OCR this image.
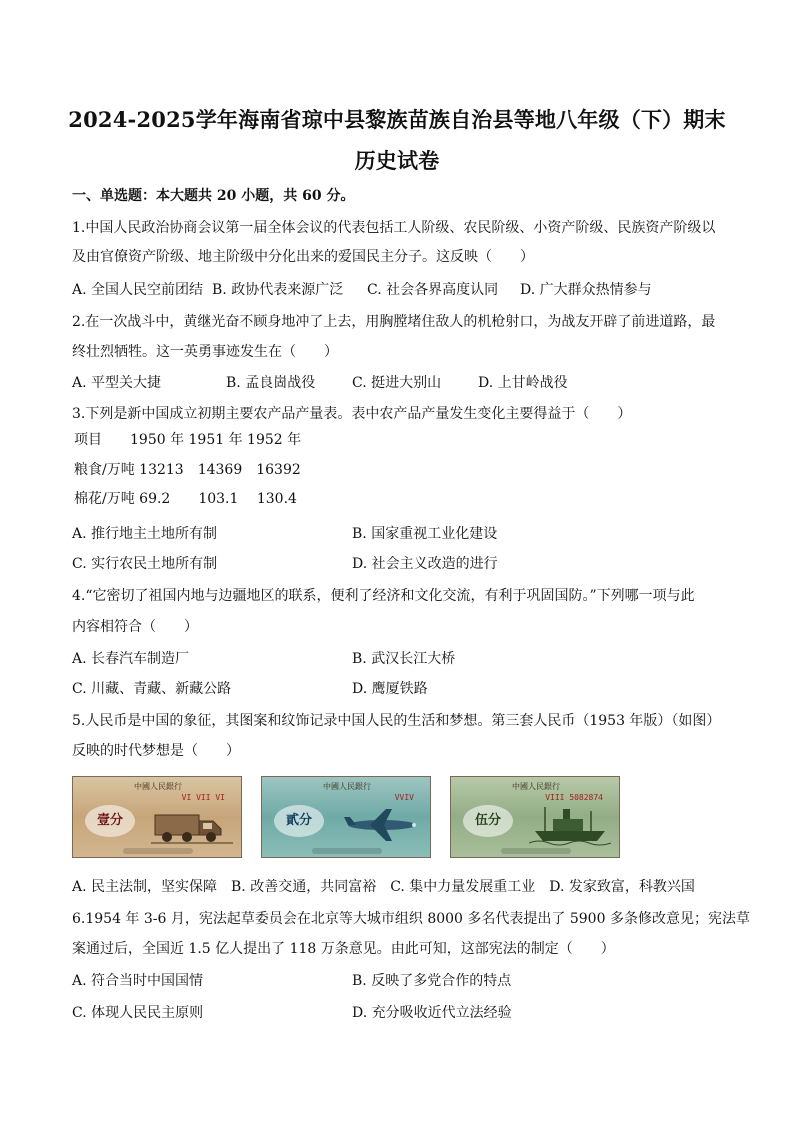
2024-2025学年海南省琼中县黎族苗族自治县等地八年级（下）期末
历史试卷
一、单选题：本大题共 20 小题，共 60 分。
1.中国人民政治协商会议第一届全体会议的代表包括工人阶级、农民阶级、小资产阶级、民族资产阶级以
及由官僚资产阶级、地主阶级中分化出来的爱国民主分子。这反映（　　）
A. 全国人民空前团结 B. 政协代表来源广泛 C. 社会各界高度认同 D. 广大群众热情参与
2.在一次战斗中，黄继光奋不顾身地冲了上去，用胸膛堵住敌人的机枪射口，为战友开辟了前进道路，最
终壮烈牺牲。这一英勇事迹发生在（　　）
A. 平型关大捷	B. 孟良崮战役	C. 挺进大别山	D. 上甘岭战役
3.下列是新中国成立初期主要农产品产量表。表中农产品产量发生变化主要得益于（　　）
项目　　1950 年 1951 年 1952 年
粮食/万吨 13213　14369　16392
棉花/万吨 69.2　　103.1　 130.4
A. 推行地主土地所有制	B. 国家重视工业化建设
C. 实行农民土地所有制	D. 社会主义改造的进行
4.“它密切了祖国内地与边疆地区的联系，便利了经济和文化交流，有利于巩固国防。”下列哪一项与此
内容相符合（　　）
A. 长春汽车制造厂	B. 武汉长江大桥
C. 川藏、青藏、新藏公路	D. 鹰厦铁路
5.人民币是中国的象征，其图案和纹饰记录中国人民的生活和梦想。第三套人民币（1953 年版）（如图）
反映的时代梦想是（　　）
中國人民銀行
VI VII VI
壹分
中國人民銀行
VVIV
貳分
中國人民銀行
VIII 5082874
伍分
A. 民主法制，坚实保障　B. 改善交通，共同富裕　C. 集中力量发展重工业　D. 发家致富，科教兴国
6.1954 年 3-6 月，宪法起草委员会在北京等大城市组织 8000 多名代表提出了 5900 多条修改意见；宪法草
案通过后，全国近 1.5 亿人提出了 118 万条意见。由此可知，这部宪法的制定（　　）
A. 符合当时中国国情	B. 反映了多党合作的特点
C. 体现人民民主原则	D. 充分吸收近代立法经验
